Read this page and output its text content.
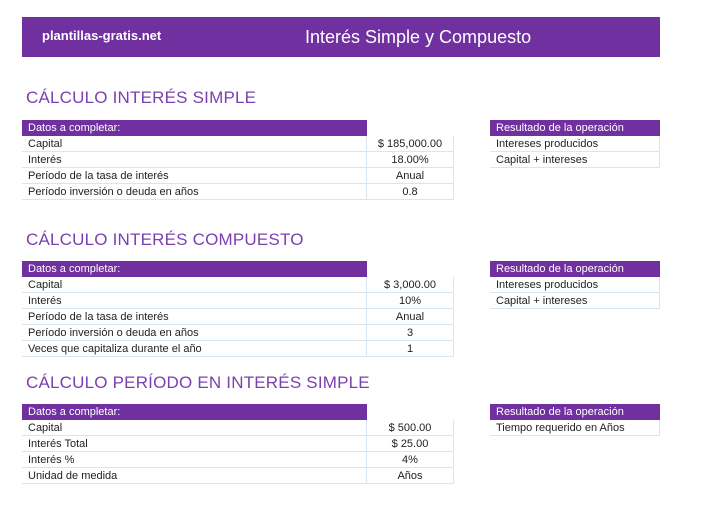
plantillas-gratis.net	Interés Simple y Compuesto
CÁLCULO INTERÉS SIMPLE
Datos a completar:	
Capital	$ 185,000.00
Interés	18.00%
Período de la tasa de interés	Anual
Período inversión o deuda en años	0.8
Resultado de la operación
Intereses producidos
Capital + intereses
CÁLCULO INTERÉS COMPUESTO
Datos a completar:	
Capital	$ 3,000.00
Interés	10%
Período de la tasa de interés	Anual
Período inversión o deuda en años	3
Veces que capitaliza durante el año	1
Resultado de la operación
Intereses producidos
Capital + intereses
CÁLCULO PERÍODO EN INTERÉS SIMPLE
Datos a completar:	
Capital	$ 500.00
Interés Total	$ 25.00
Interés %	4%
Unidad de medida	Años
Resultado de la operación
Tiempo requerido en Años
